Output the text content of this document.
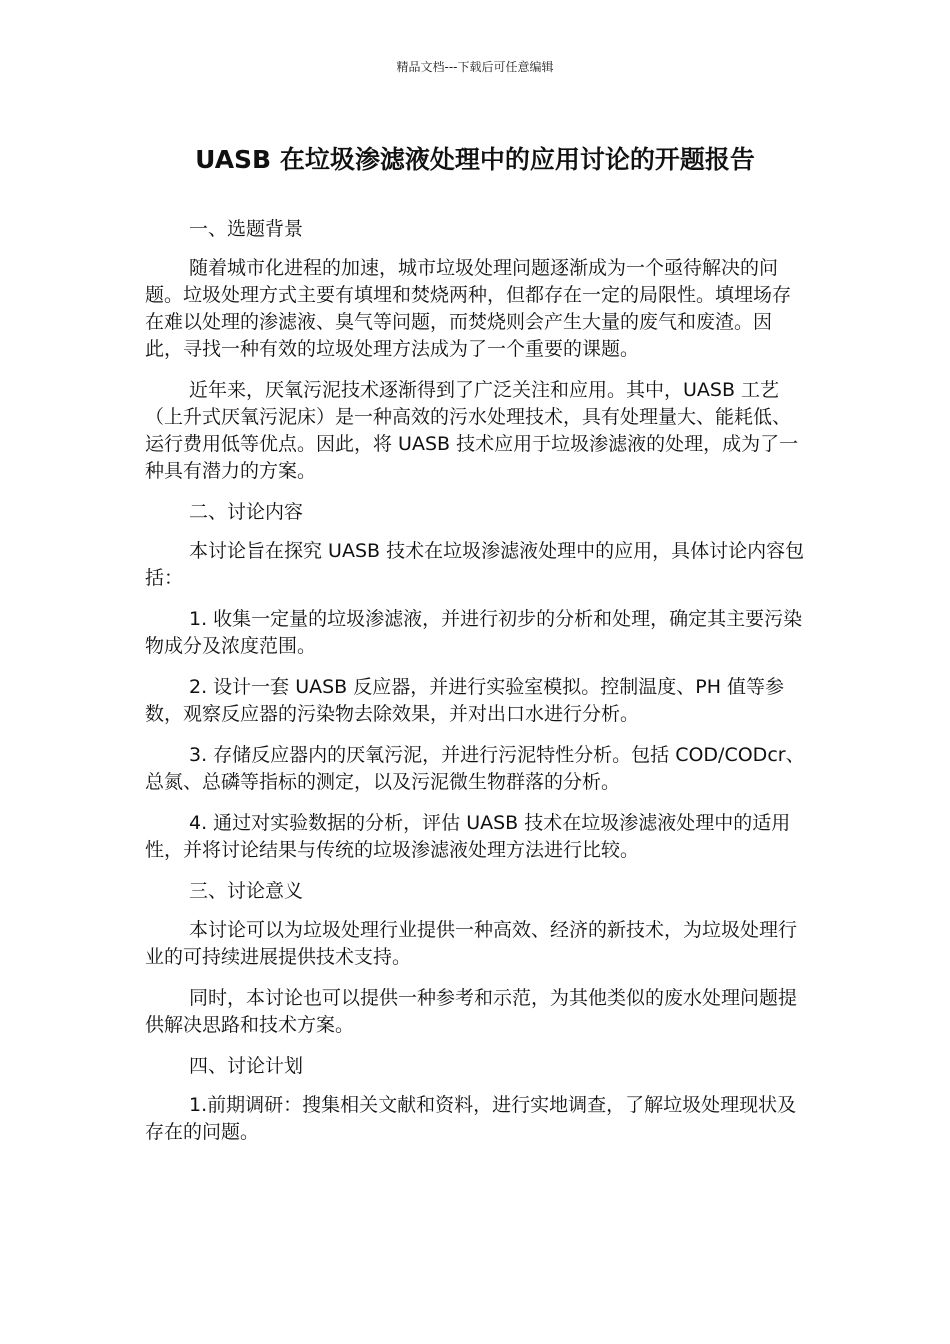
精品文档---下载后可任意编辑
UASB 在垃圾渗滤液处理中的应用讨论的开题报告

一、选题背景

随着城市化进程的加速，城市垃圾处理问题逐渐成为一个亟待解决的问题。垃圾处理方式主要有填埋和焚烧两种，但都存在一定的局限性。填埋场存在难以处理的渗滤液、臭气等问题，而焚烧则会产生大量的废气和废渣。因此，寻找一种有效的垃圾处理方法成为了一个重要的课题。

近年来，厌氧污泥技术逐渐得到了广泛关注和应用。其中，UASB 工艺（上升式厌氧污泥床）是一种高效的污水处理技术，具有处理量大、能耗低、运行费用低等优点。因此，将 UASB 技术应用于垃圾渗滤液的处理，成为了一种具有潜力的方案。

二、讨论内容

本讨论旨在探究 UASB 技术在垃圾渗滤液处理中的应用，具体讨论内容包括：

1. 收集一定量的垃圾渗滤液，并进行初步的分析和处理，确定其主要污染物成分及浓度范围。

2. 设计一套 UASB 反应器，并进行实验室模拟。控制温度、PH 值等参数，观察反应器的污染物去除效果，并对出口水进行分析。

3. 存储反应器内的厌氧污泥，并进行污泥特性分析。包括 COD/CODcr、总氮、总磷等指标的测定，以及污泥微生物群落的分析。

4. 通过对实验数据的分析，评估 UASB 技术在垃圾渗滤液处理中的适用性，并将讨论结果与传统的垃圾渗滤液处理方法进行比较。

三、讨论意义

本讨论可以为垃圾处理行业提供一种高效、经济的新技术，为垃圾处理行业的可持续进展提供技术支持。

同时，本讨论也可以提供一种参考和示范，为其他类似的废水处理问题提供解决思路和技术方案。

四、讨论计划

1.前期调研：搜集相关文献和资料，进行实地调查，了解垃圾处理现状及存在的问题。
